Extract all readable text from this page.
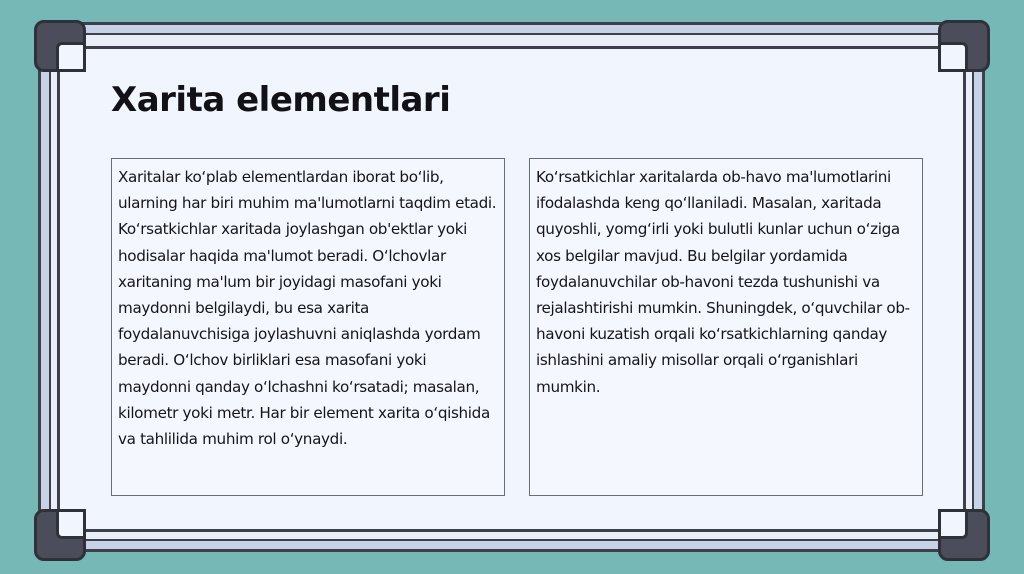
Xarita elementlari
Xaritalar ko‘plab elementlardan iborat bo‘lib, ularning har biri muhim ma'lumotlarni taqdim etadi. Ko‘rsatkichlar xaritada joylashgan ob'ektlar yoki hodisalar haqida ma'lumot beradi. O‘lchovlar xaritaning ma'lum bir joyidagi masofani yoki maydonni belgilaydi, bu esa xarita foydalanuvchisiga joylashuvni aniqlashda yordam beradi. O‘lchov birliklari esa masofani yoki maydonni qanday o‘lchashni ko‘rsatadi; masalan, kilometr yoki metr. Har bir element xarita o‘qishida va tahlilida muhim rol o‘ynaydi.
Ko‘rsatkichlar xaritalarda ob-havo ma'lumotlarini ifodalashda keng qo‘llaniladi. Masalan, xaritada quyoshli, yomg‘irli yoki bulutli kunlar uchun o‘ziga xos belgilar mavjud. Bu belgilar yordamida foydalanuvchilar ob-havoni tezda tushunishi va rejalashtirishi mumkin. Shuningdek, o‘quvchilar ob-havoni kuzatish orqali ko‘rsatkichlarning qanday ishlashini amaliy misollar orqali o‘rganishlari mumkin.
